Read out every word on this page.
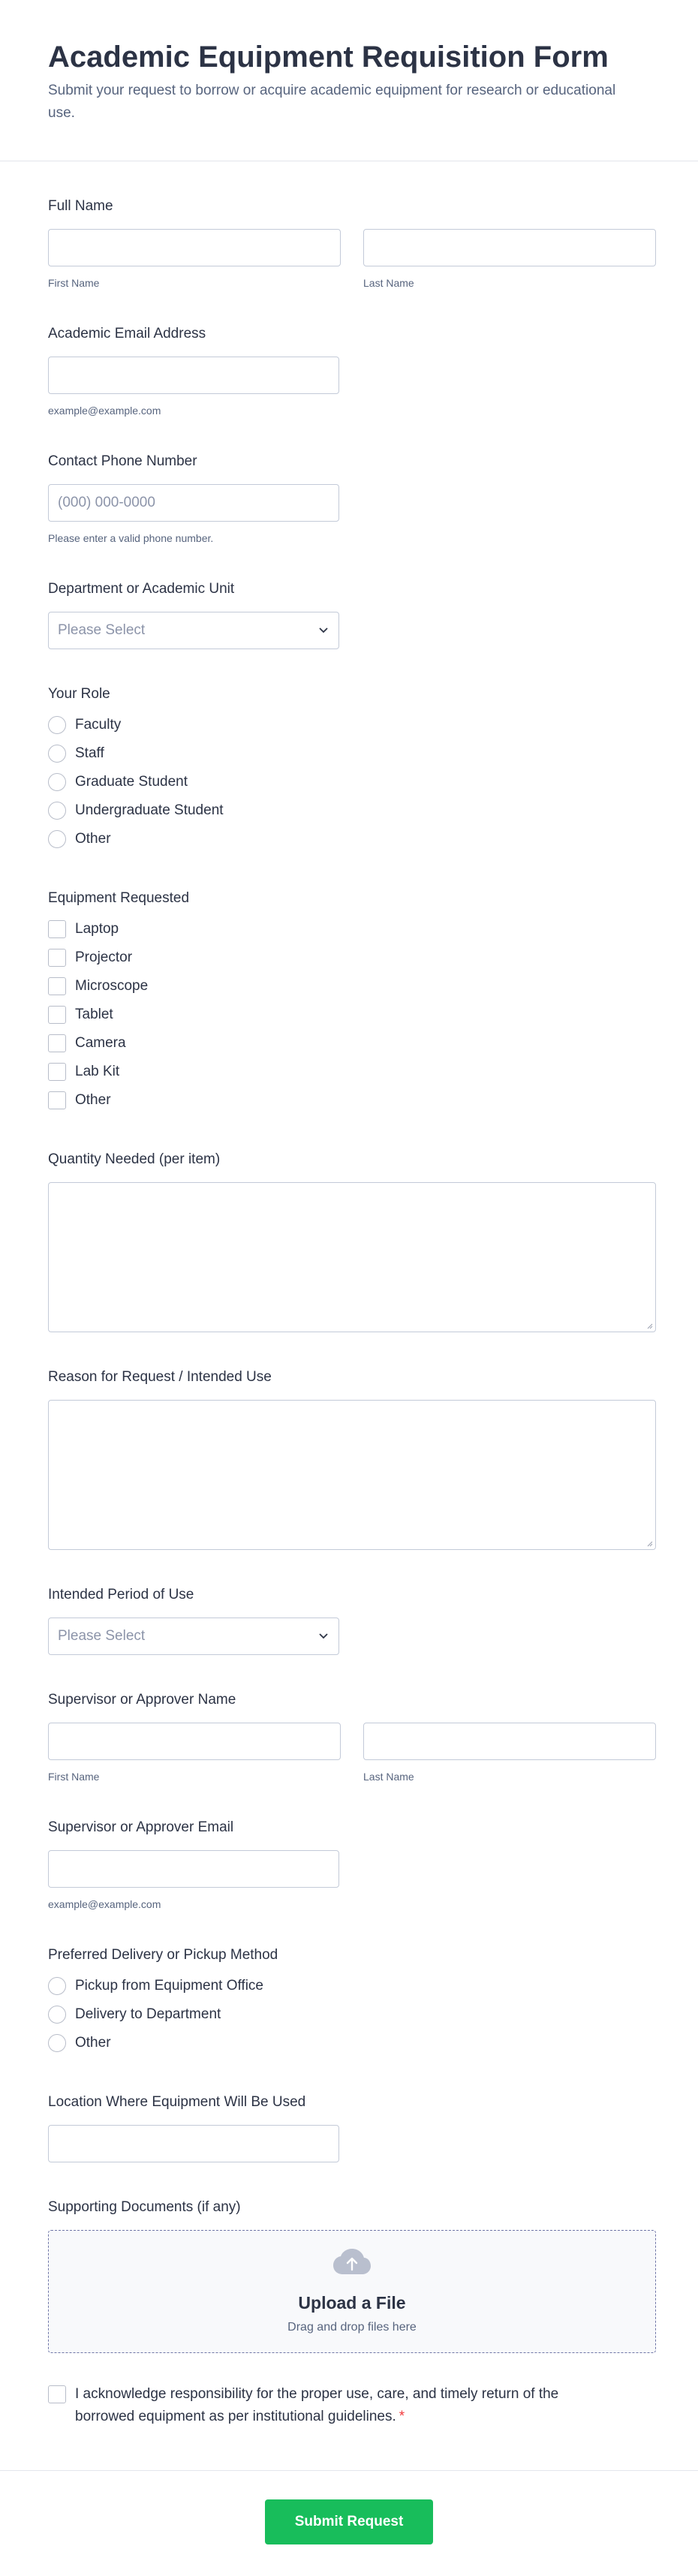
Academic Equipment Requisition Form

Submit your request to borrow or acquire academic equipment for research or educational use.

Full Name
First Name	Last Name
Academic Email Address
example@example.com
Contact Phone Number
(000) 000-0000
Please enter a valid phone number.
Department or Academic Unit
Please Select
Your Role
Faculty
Staff
Graduate Student
Undergraduate Student
Other
Equipment Requested
Laptop
Projector
Microscope
Tablet
Camera
Lab Kit
Other
Quantity Needed (per item)
Reason for Request / Intended Use
Intended Period of Use
Please Select
Supervisor or Approver Name
First Name	Last Name
Supervisor or Approver Email
example@example.com
Preferred Delivery or Pickup Method
Pickup from Equipment Office
Delivery to Department
Other
Location Where Equipment Will Be Used
Supporting Documents (if any)
Upload a File
Drag and drop files here
I acknowledge responsibility for the proper use, care, and timely return of the borrowed equipment as per institutional guidelines. *
Submit Request
